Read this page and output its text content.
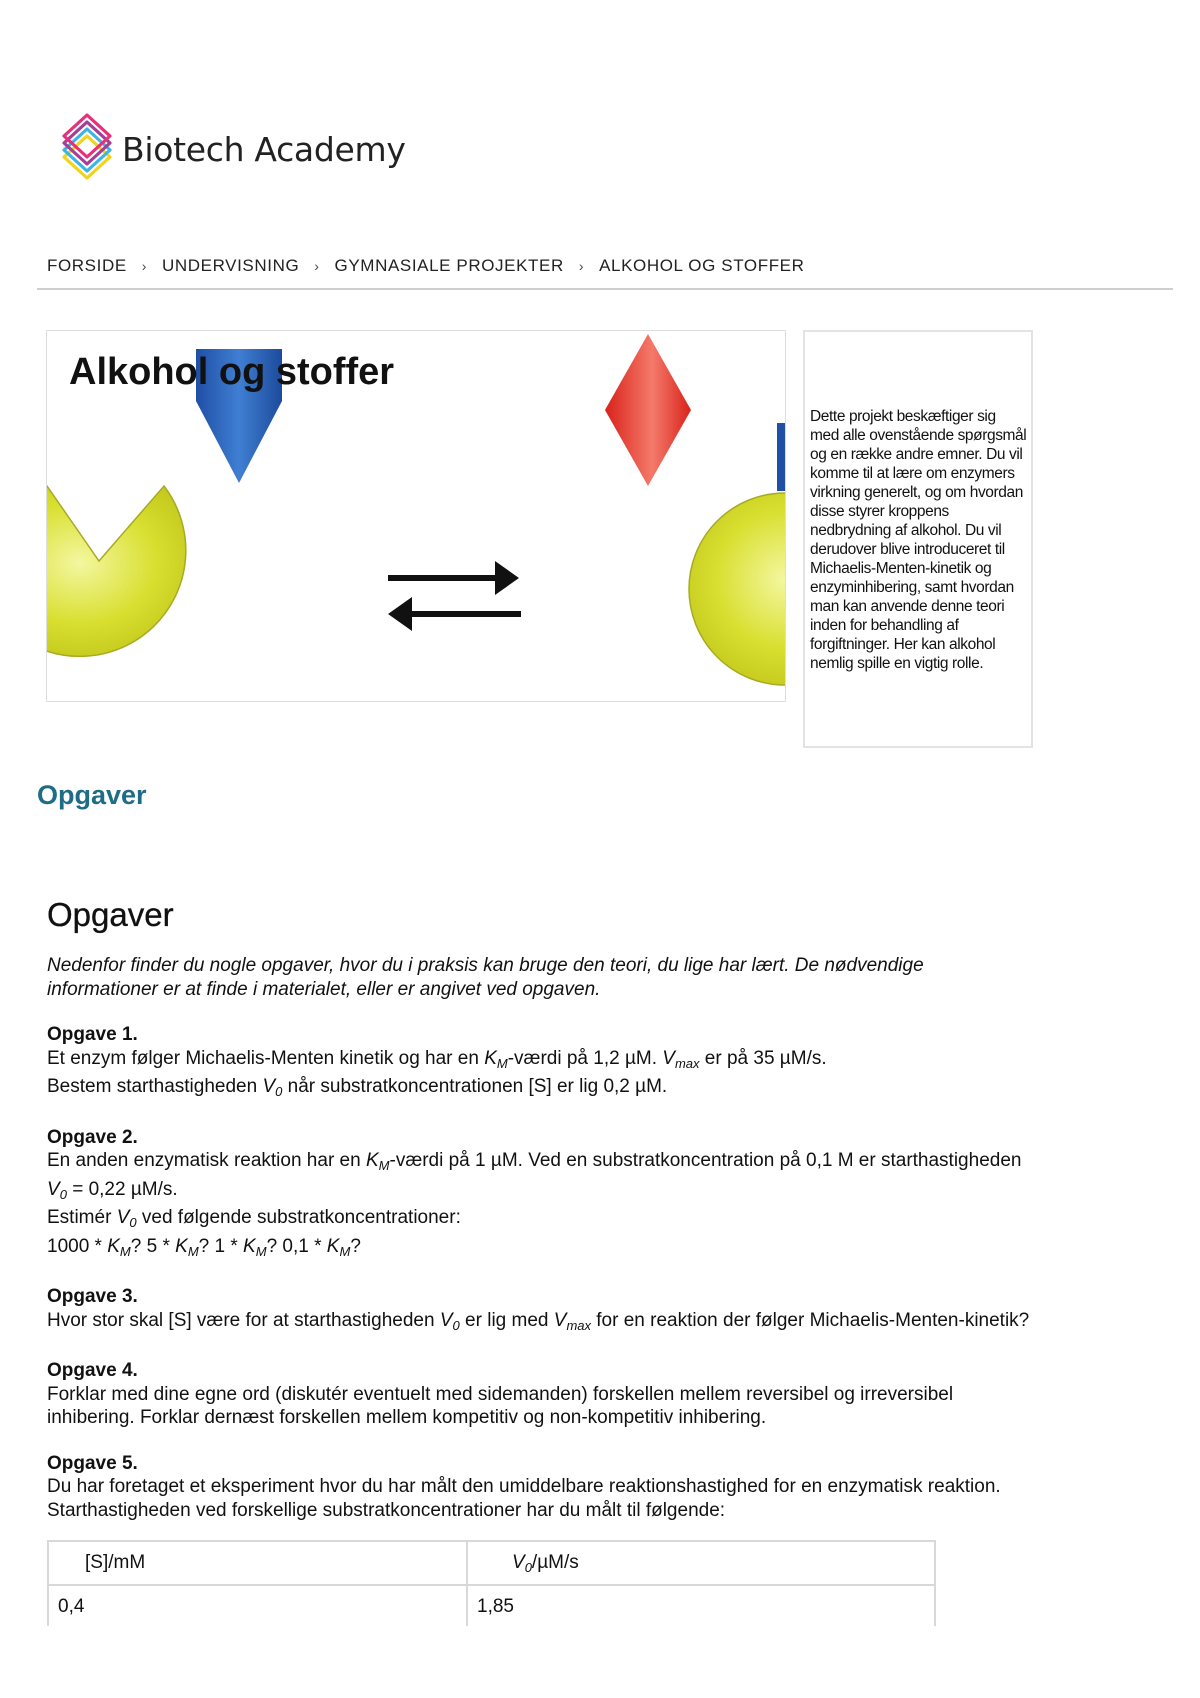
Biotech Academy
FORSIDE › UNDERVISNING › GYMNASIALE PROJEKTER › ALKOHOL OG STOFFER
Alkohol og stoffer

Dette projekt beskæftiger sig med alle ovenstående spørgsmål og en række andre emner. Du vil komme til at lære om enzymers virkning generelt, og om hvordan disse styrer kroppens nedbrydning af alkohol. Du vil derudover blive introduceret til Michaelis-Menten-kinetik og enzyminhibering, samt hvordan man kan anvende denne teori inden for behandling af forgiftninger. Her kan alkohol nemlig spille en vigtig rolle.

Opgaver
Opgaver

Nedenfor finder du nogle opgaver, hvor du i praksis kan bruge den teori, du lige har lært. De nødvendige informationer er at finde i materialet, eller er angivet ved opgaven.

Opgave 1.

Et enzym følger Michaelis-Menten kinetik og har en $K_M$-værdi på 1,2 µM. $V_{max}$ er på 35 µM/s.

Bestem starthastigheden $V_0$ når substratkoncentrationen [S] er lig 0,2 µM.

Opgave 2.

En anden enzymatisk reaktion har en $K_M$-værdi på 1 µM. Ved en substratkoncentration på 0,1 M er starthastigheden $V_0 = 0,22$ µM/s.

Estimér $V_0$ ved følgende substratkoncentrationer:

$1000 * K_M$? $5 * K_M$? $1 * K_M$? $0,1 * K_M$?

Opgave 3.

Hvor stor skal [S] være for at starthastigheden $V_0$ er lig med $V_{max}$ for en reaktion der følger Michaelis-Menten-kinetik?

Opgave 4.

Forklar med dine egne ord (diskutér eventuelt med sidemanden) forskellen mellem reversibel og irreversibel inhibering. Forklar dernæst forskellen mellem kompetitiv og non-kompetitiv inhibering.

Opgave 5.

Du har foretaget et eksperiment hvor du har målt den umiddelbare reaktionshastighed for en enzymatisk reaktion. Starthastigheden ved forskellige substratkoncentrationer har du målt til følgende:

[S]/mM	$V_0/\mu M/s$
0,4	1,85
